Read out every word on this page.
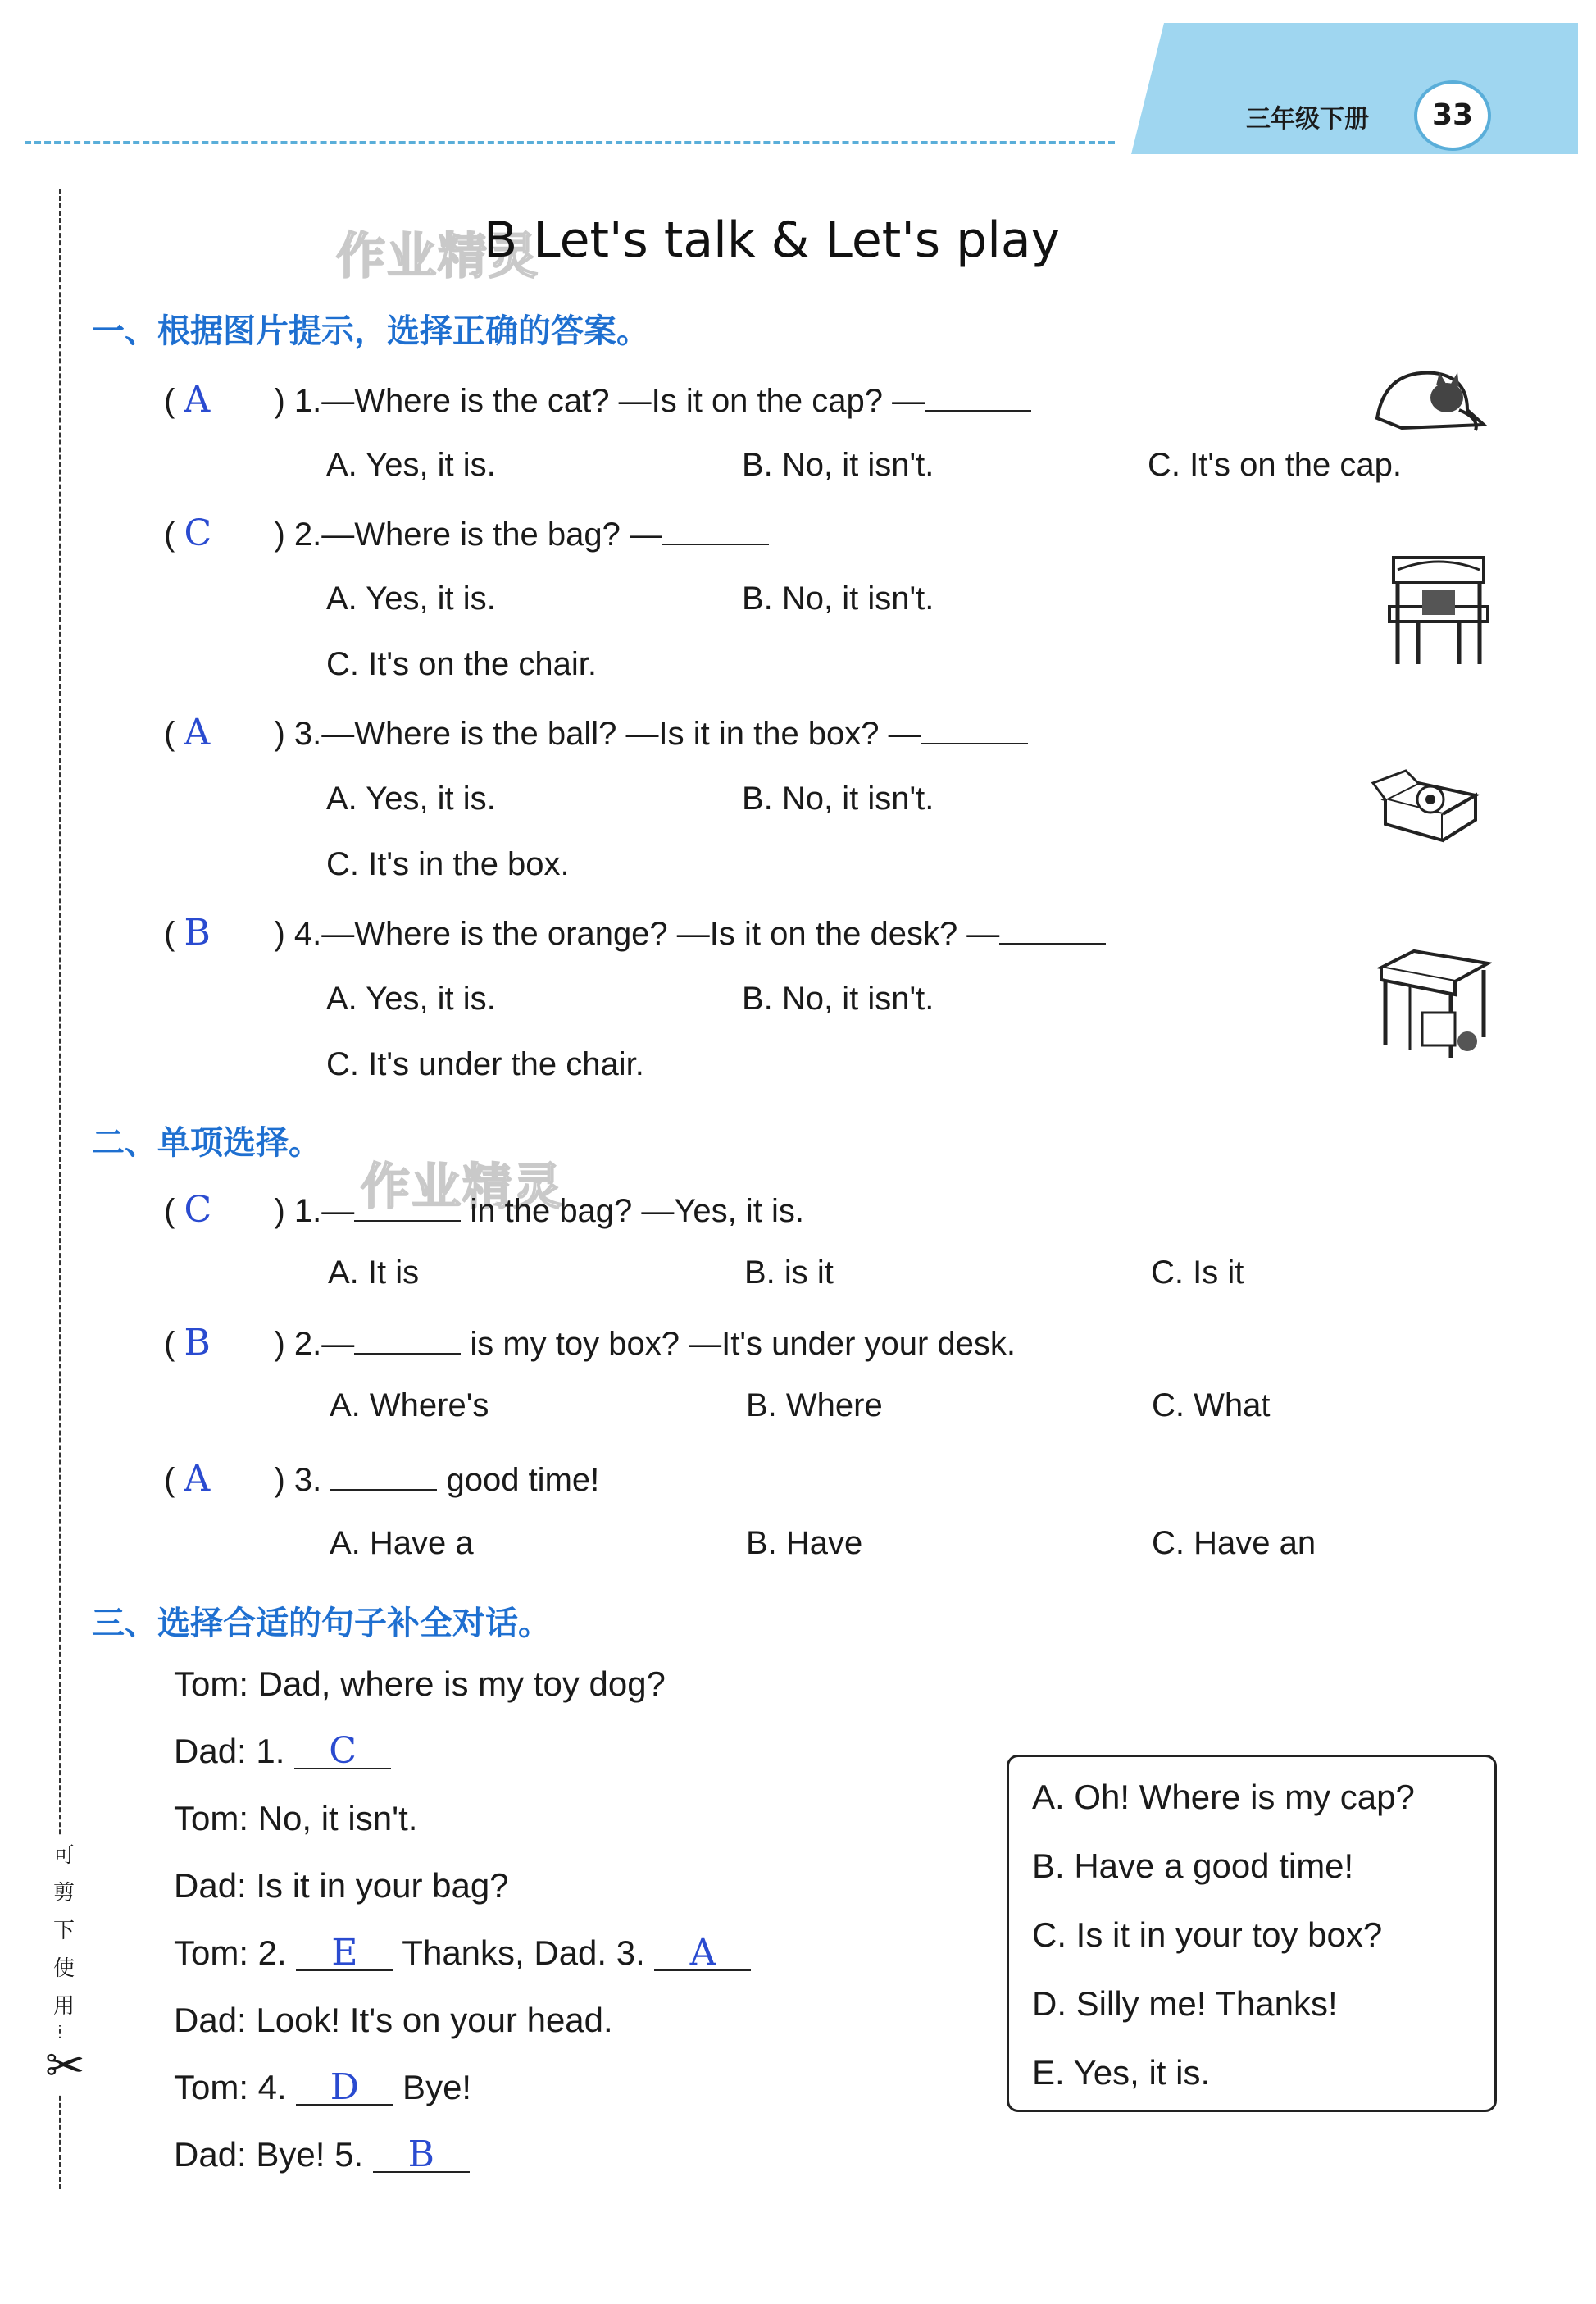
三年级下册	33
可
剪
下
使
用
✂
作业精灵
作业精灵
B Let's talk & Let's play
一、根据图片提示，选择正确的答案。
( A ) 1.—Where is the cat? —Is it on the cap? —
A. Yes, it is.	B. No, it isn't.	C. It's on the cap.
( C ) 2.—Where is the bag? —
A. Yes, it is.	B. No, it isn't.
C. It's on the chair.
( A ) 3.—Where is the ball? —Is it in the box? —
A. Yes, it is.	B. No, it isn't.
C. It's in the box.
( B ) 4.—Where is the orange? —Is it on the desk? —
A. Yes, it is.	B. No, it isn't.
C. It's under the chair.
二、单项选择。
( C ) 1.—	in the bag? —Yes, it is.
A. It is	B. is it	C. Is it
( B ) 2.—	is my toy box? —It's under your desk.
A. Where's	B. Where	C. What
( A ) 3.	good time!
A. Have a	B. Have	C. Have an
三、选择合适的句子补全对话。
Tom: Dad, where is my toy dog?
Dad: 1. C
Tom: No, it isn't.
Dad: Is it in your bag?
Tom: 2. E Thanks, Dad. 3. A
Dad: Look! It's on your head.
Tom: 4. D Bye!
Dad: Bye! 5. B
A. Oh! Where is my cap?
B. Have a good time!
C. Is it in your toy box?
D. Silly me! Thanks!
E. Yes, it is.
